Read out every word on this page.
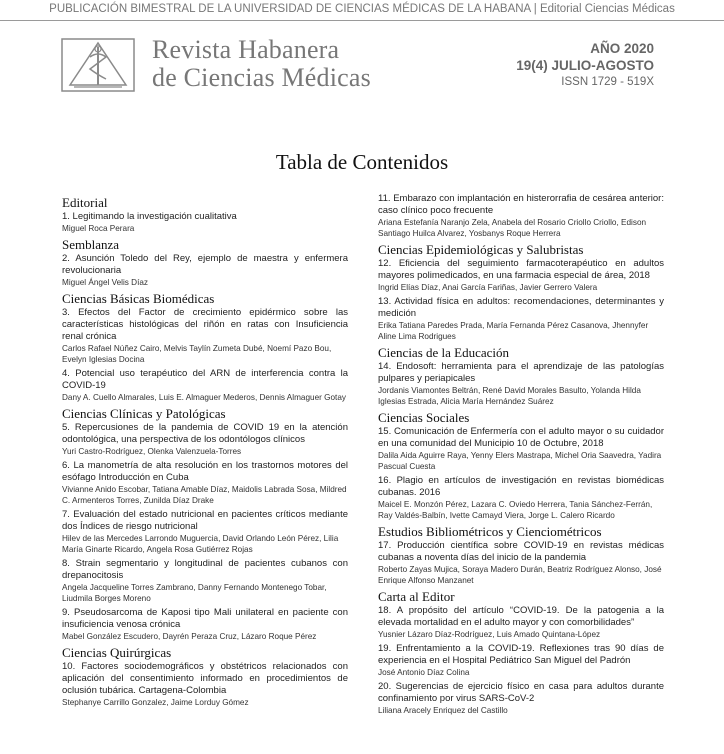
PUBLICACIÓN BIMESTRAL DE LA UNIVERSIDAD DE CIENCIAS MÉDICAS DE LA HABANA | Editorial Ciencias Médicas
Revista Habanera
de Ciencias Médicas
AÑO 2020
19(4) JULIO-AGOSTO
ISSN 1729 - 519X
Tabla de Contenidos
Editorial
1. Legitimando la investigación cualitativa
Miguel Roca Perara
Semblanza
2. Asunción Toledo del Rey, ejemplo de maestra y enfermera revolucionaria
Miguel Ángel Velis Díaz
Ciencias Básicas Biomédicas
3. Efectos del Factor de crecimiento epidérmico sobre las características histológicas del riñón en ratas con Insuficiencia renal crónica
Carlos Rafael Núñez Cairo, Melvis Taylín Zumeta Dubé, Noemí Pazo Bou, Evelyn Iglesias Docina
4. Potencial uso terapéutico del ARN de interferencia contra la COVID-19
Dany A. Cuello Almarales, Luis E. Almaguer Mederos, Dennis Almaguer Gotay
Ciencias Clínicas y Patológicas
5. Repercusiones de la pandemia de COVID 19 en la atención odontológica, una perspectiva de los odontólogos clínicos
Yuri Castro-Rodríguez, Olenka Valenzuela-Torres
6. La manometría de alta resolución en los trastornos motores del esófago Introducción en Cuba
Vivianne Anido Escobar, Tatiana Amable Díaz, Maidolis Labrada Sosa, Mildred C. Armenteros Torres, Zunilda Díaz Drake
7. Evaluación del estado nutricional en pacientes críticos mediante dos Índices de riesgo nutricional
Hilev de las Mercedes Larrondo Muguercia, David Orlando León Pérez, Lilia María Ginarte Ricardo, Angela Rosa Gutiérrez Rojas
8. Strain segmentario y longitudinal de pacientes cubanos con drepanocitosis
Angela Jacqueline Torres Zambrano, Danny Fernando Montenego Tobar, Liudmila Borges Moreno
9. Pseudosarcoma de Kaposi tipo Mali unilateral en paciente con insuficiencia venosa crónica
Mabel González Escudero, Dayrén Peraza Cruz, Lázaro Roque Pérez
Ciencias Quirúrgicas
10. Factores sociodemográficos y obstétricos relacionados con aplicación del consentimiento informado en procedimientos de oclusión tubárica. Cartagena-Colombia
Stephanye Carrillo Gonzalez, Jaime Lorduy Gómez
11. Embarazo con implantación en histerorrafia de cesárea anterior: caso clínico poco frecuente
Ariana Estefanía Naranjo Zela, Anabela del Rosario Criollo Criollo, Edison Santiago Huilca Alvarez, Yosbanys Roque Herrera
Ciencias Epidemiológicas y Salubristas
12. Eficiencia del seguimiento farmacoterapéutico en adultos mayores polimedicados, en una farmacia especial de área, 2018
Ingrid Elías Díaz, Anai García Fariñas, Javier Gerrero Valera
13. Actividad física en adultos: recomendaciones, determinantes y medición
Erika Tatiana Paredes Prada, María Fernanda Pérez Casanova, Jhennyfer Aline Lima Rodrigues
Ciencias de la Educación
14. Endosoft: herramienta para el aprendizaje de las patologías pulpares y periapicales
Jordanis Viamontes Beltrán, René David Morales Basulto, Yolanda Hilda Iglesias Estrada, Alicia María Hernández Suárez
Ciencias Sociales
15. Comunicación de Enfermería con el adulto mayor o su cuidador en una comunidad del Municipio 10 de Octubre, 2018
Dalila Aida Aguirre Raya, Yenny Elers Mastrapa, Michel Oria Saavedra, Yadira Pascual Cuesta
16. Plagio en artículos de investigación en revistas biomédicas cubanas. 2016
Maicel E. Monzón Pérez, Lazara C. Oviedo Herrera, Tania Sánchez-Ferrán, Ray Valdés-Balbín, Ivette Camayd Viera, Jorge L. Calero Ricardo
Estudios Bibliométricos y Cienciométricos
17. Producción científica sobre COVID-19 en revistas médicas cubanas a noventa días del inicio de la pandemia
Roberto Zayas Mujica, Soraya Madero Durán, Beatriz Rodríguez Alonso, José Enrique Alfonso Manzanet
Carta al Editor
18. A propósito del artículo “COVID-19. De la patogenia a la elevada mortalidad en el adulto mayor y con comorbilidades”
Yusnier Lázaro Díaz-Rodríguez, Luis Amado Quintana-López
19. Enfrentamiento a la COVID-19. Reflexiones tras 90 días de experiencia en el Hospital Pediátrico San Miguel del Padrón
José Antonio Díaz Colina
20. Sugerencias de ejercicio físico en casa para adultos durante confinamiento por virus SARS-CoV-2
Liliana Aracely Enriquez del Castillo
